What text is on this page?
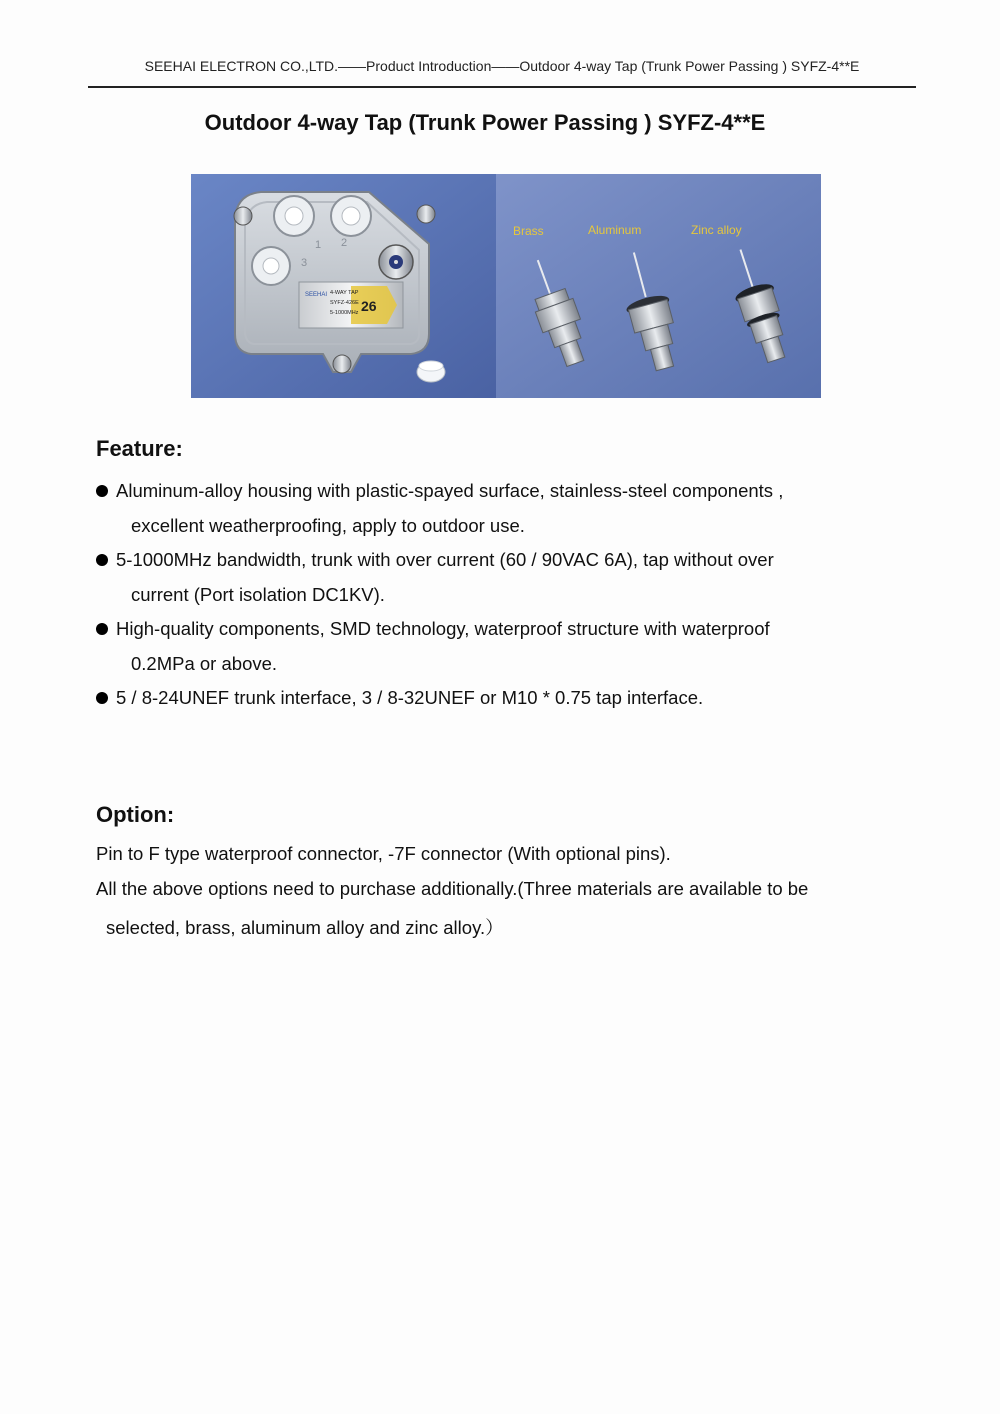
SEEHAI ELECTRON CO.,LTD.——Product Introduction——Outdoor 4-way Tap (Trunk Power Passing ) SYFZ-4**E
Outdoor 4-way Tap (Trunk Power Passing ) SYFZ-4**E
1 2
3
SEEHAI 4-WAY TAP
SYFZ-426E
5-1000MHz 26
Brass	Aluminum	Zinc alloy
Feature:
Aluminum-alloy housing with plastic-spayed surface, stainless-steel components ,
excellent weatherproofing, apply to outdoor use.
5-1000MHz bandwidth, trunk with over current (60 / 90VAC 6A), tap without over
current (Port isolation DC1KV).
High-quality components, SMD technology, waterproof structure with waterproof
0.2MPa or above.
5 / 8-24UNEF trunk interface, 3 / 8-32UNEF or M10 * 0.75 tap interface.
Option:
Pin to F type waterproof connector, -7F connector (With optional pins).
All the above options need to purchase additionally.(Three materials are available to be
selected, brass, aluminum alloy and zinc alloy.）
